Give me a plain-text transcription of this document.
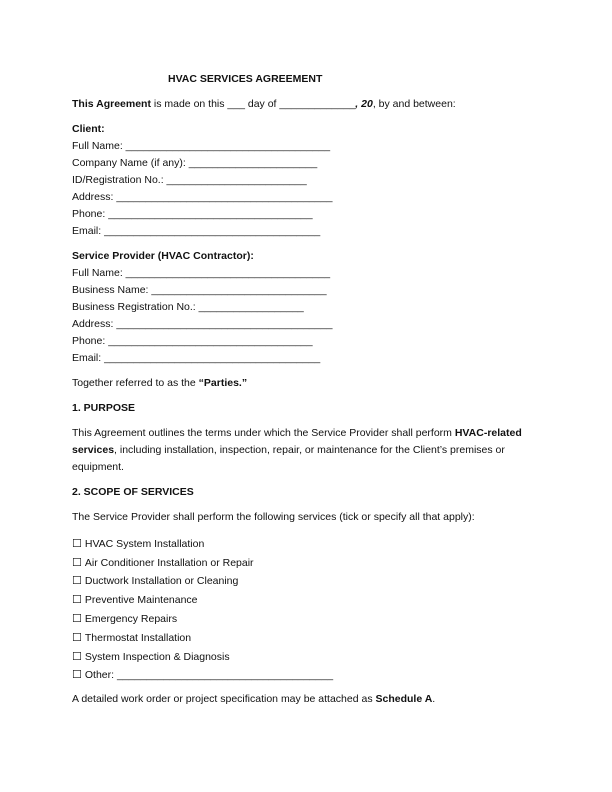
HVAC SERVICES AGREEMENT
This Agreement is made on this ___ day of _____________, 20, by and between:
Client:
Full Name: ___________________________________
Company Name (if any): ______________________
ID/Registration No.: ________________________
Address: _____________________________________
Phone: ___________________________________
Email: _____________________________________
Service Provider (HVAC Contractor):
Full Name: ___________________________________
Business Name: ______________________________
Business Registration No.: __________________
Address: _____________________________________
Phone: ___________________________________
Email: _____________________________________
Together referred to as the “Parties.”
1. PURPOSE
This Agreement outlines the terms under which the Service Provider shall perform HVAC-related services, including installation, inspection, repair, or maintenance for the Client’s premises or equipment.
2. SCOPE OF SERVICES
The Service Provider shall perform the following services (tick or specify all that apply):
☐ HVAC System Installation
☐ Air Conditioner Installation or Repair
☐ Ductwork Installation or Cleaning
☐ Preventive Maintenance
☐ Emergency Repairs
☐ Thermostat Installation
☐ System Inspection & Diagnosis
☐ Other: _____________________________________
A detailed work order or project specification may be attached as Schedule A.
